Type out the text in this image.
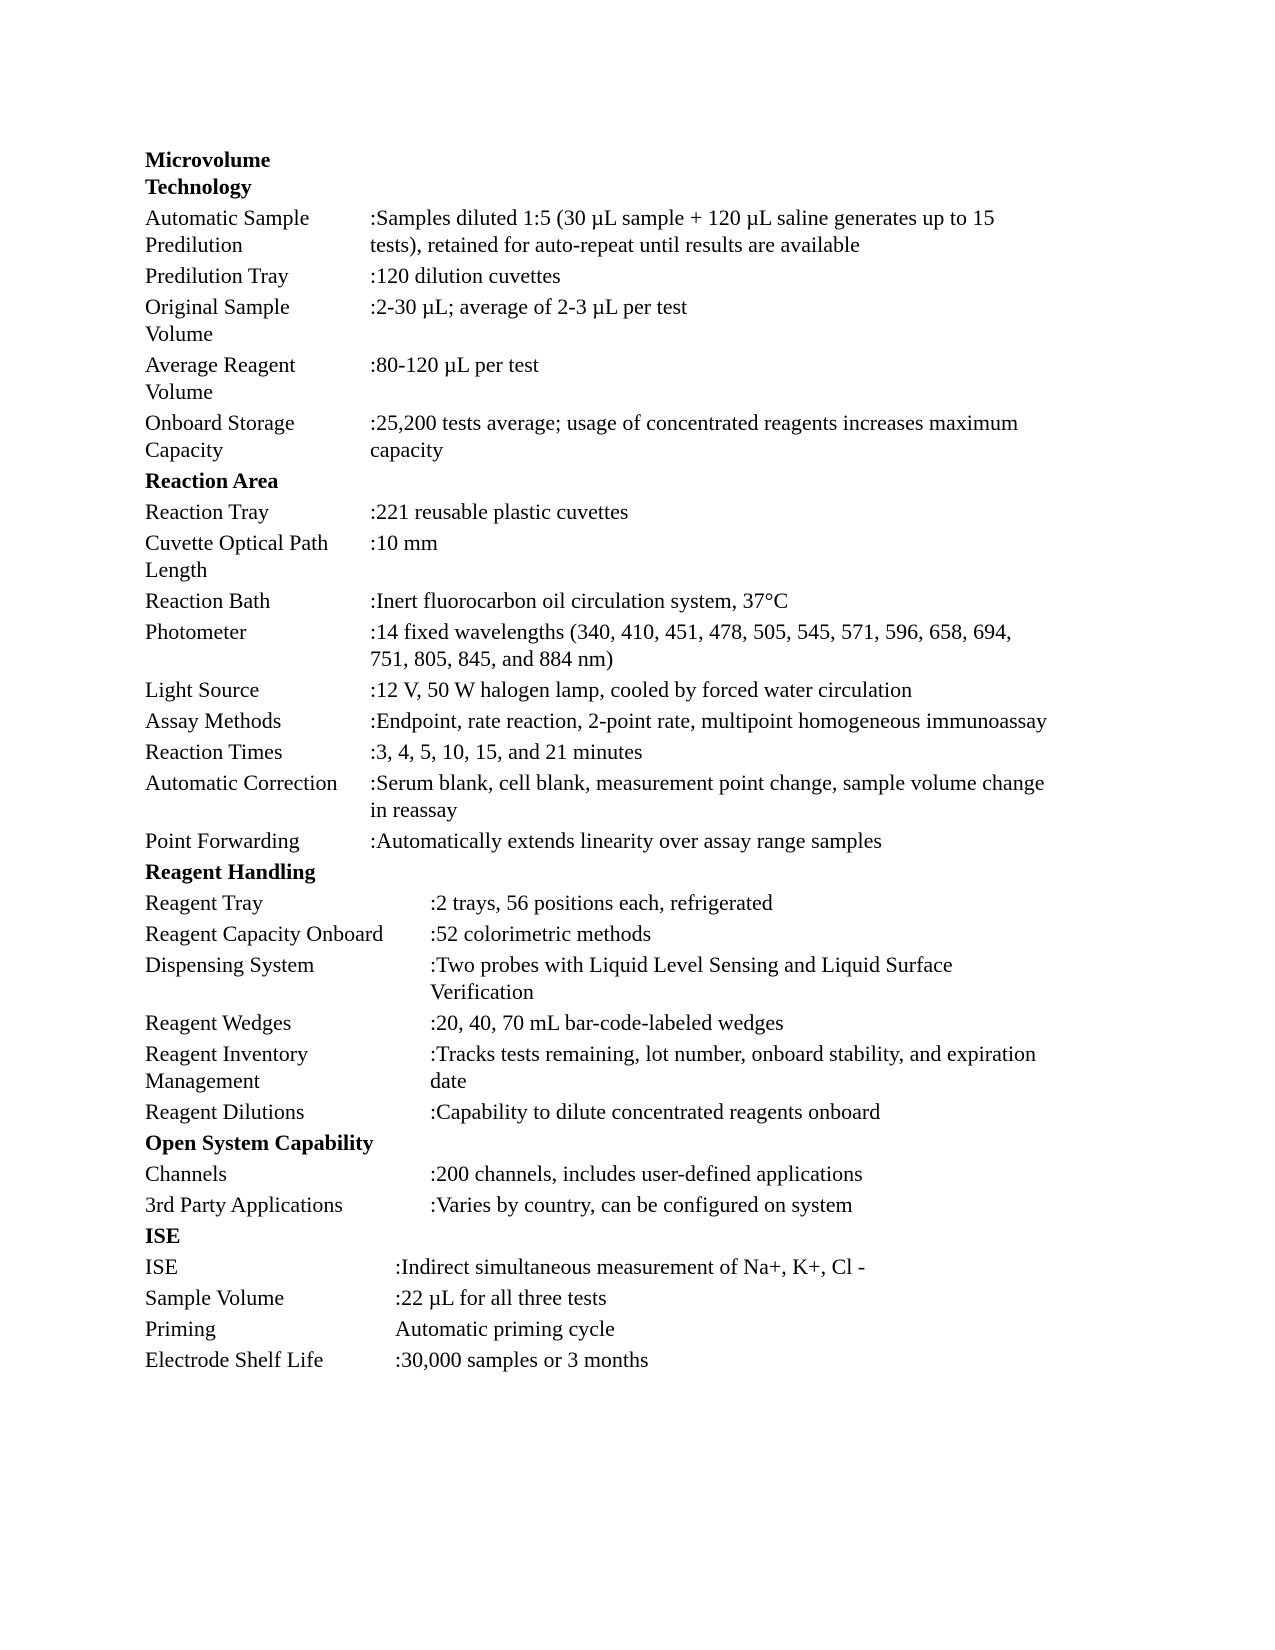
Microvolume Technology
Automatic Sample Predilution
:Samples diluted 1:5 (30 µL sample + 120 µL saline generates up to 15 tests), retained for auto-repeat until results are available
Predilution Tray	:120 dilution cuvettes
Original Sample Volume
:2-30 µL; average of 2-3 µL per test
Average Reagent Volume
:80-120 µL per test
Onboard Storage Capacity
:25,200 tests average; usage of concentrated reagents increases maximum capacity
Reaction Area
Reaction Tray	:221 reusable plastic cuvettes
Cuvette Optical Path Length
:10 mm
Reaction Bath	:Inert fluorocarbon oil circulation system, 37°C
Photometer	:14 fixed wavelengths (340, 410, 451, 478, 505, 545, 571, 596, 658, 694, 751, 805, 845, and 884 nm)
Light Source	:12 V, 50 W halogen lamp, cooled by forced water circulation
Assay Methods	:Endpoint, rate reaction, 2-point rate, multipoint homogeneous immunoassay
Reaction Times	:3, 4, 5, 10, 15, and 21 minutes
Automatic Correction	:Serum blank, cell blank, measurement point change, sample volume change in reassay
Point Forwarding	:Automatically extends linearity over assay range samples
Reagent Handling
Reagent Tray	:2 trays, 56 positions each, refrigerated
Reagent Capacity Onboard	:52 colorimetric methods
Dispensing System	:Two probes with Liquid Level Sensing and Liquid Surface Verification
Reagent Wedges	:20, 40, 70 mL bar-code-labeled wedges
Reagent Inventory Management
:Tracks tests remaining, lot number, onboard stability, and expiration date
Reagent Dilutions	:Capability to dilute concentrated reagents onboard
Open System Capability
Channels	:200 channels, includes user-defined applications
3rd Party Applications	:Varies by country, can be configured on system
ISE
ISE	:Indirect simultaneous measurement of Na+, K+, Cl -
Sample Volume	:22 µL for all three tests
Priming	Automatic priming cycle
Electrode Shelf Life	:30,000 samples or 3 months
